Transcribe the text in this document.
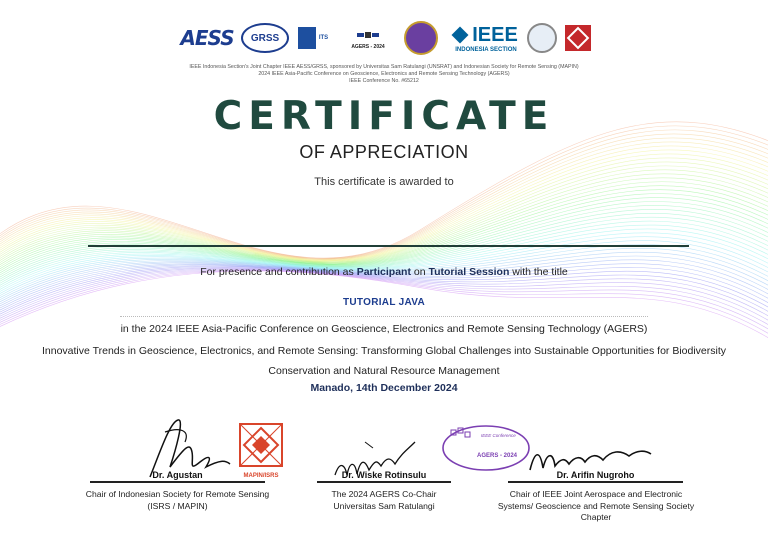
AESS GRSS	ITS
AGERS - 2024
IEEE
INDONESIA SECTION
IEEE Indonesia Section's Joint Chapter IEEE AESS/GRSS, sponsored by Universitas Sam Ratulangi (UNSRAT) and Indonesian Society for Remote Sensing (MAPIN)
2024 IEEE Asia-Pacific Conference on Geoscience, Electronics and Remote Sensing Technology (AGERS)
IEEE Conference No. #65212
CERTIFICATE
OF APPRECIATION
This certificate is awarded to
For presence and contribution as Participant on Tutorial Session with the title
TUTORIAL JAVA
in the 2024 IEEE Asia-Pacific Conference on Geoscience, Electronics and Remote Sensing Technology (AGERS)
Innovative Trends in Geoscience, Electronics, and Remote Sensing: Transforming Global Challenges into Sustainable Opportunities for Biodiversity
Conservation and Natural Resource Management
Manado, 14th December 2024
MAPIN/ISRS
IEEE Conference
AGERS - 2024
Dr. Agustan	Dr. Wiske Rotinsulu	Dr. Arifin Nugroho
Chair of Indonesian Society for Remote Sensing
(ISRS / MAPIN)
The 2024 AGERS Co-Chair
Universitas Sam Ratulangi
Chair of IEEE Joint Aerospace and Electronic
Systems/ Geoscience and Remote Sensing Society
Chapter
